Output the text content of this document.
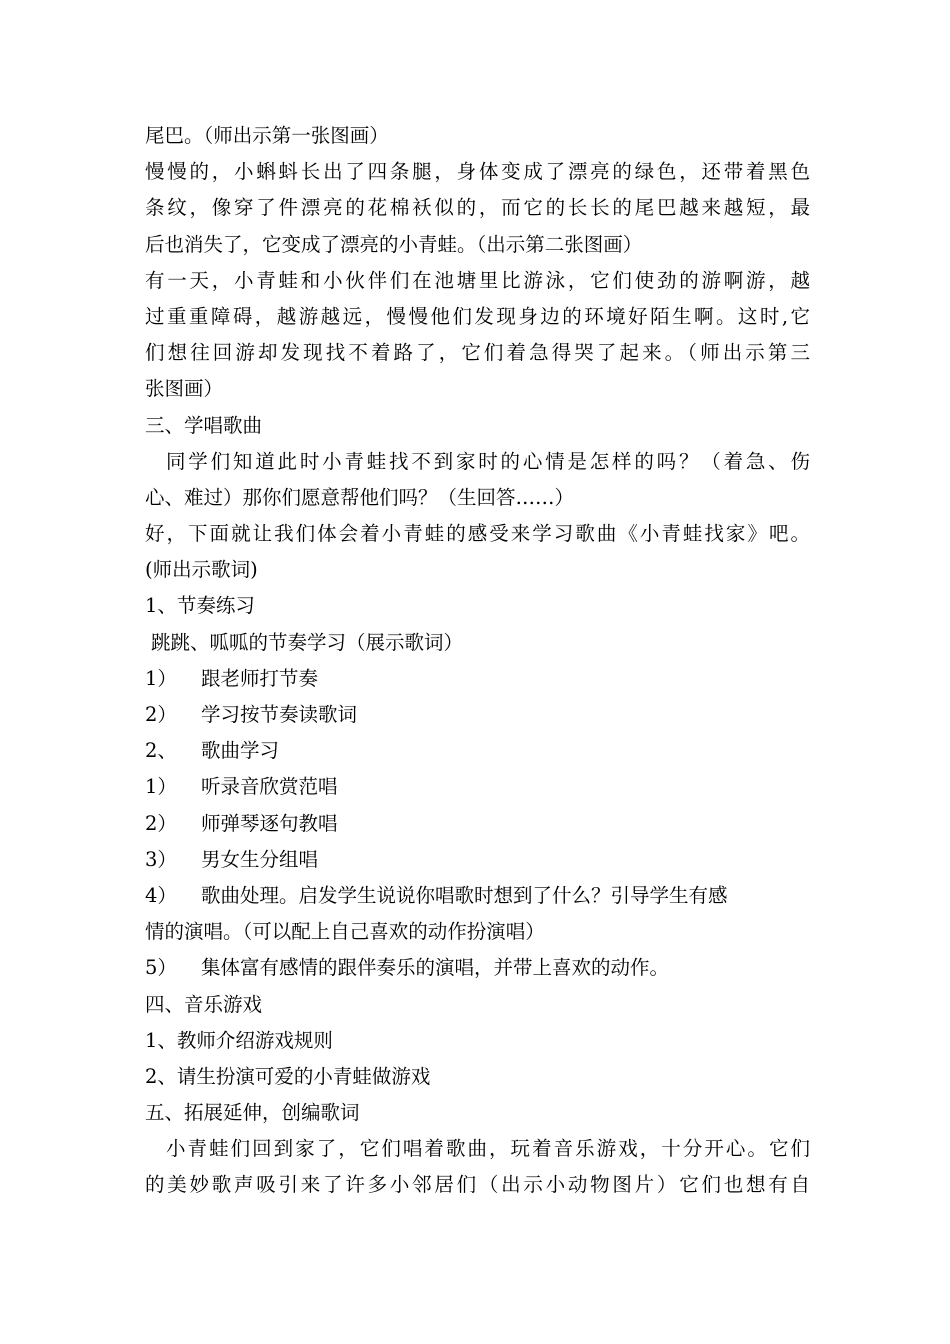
尾巴。（师出示第一张图画）
慢慢的，小蝌蚪长出了四条腿，身体变成了漂亮的绿色，还带着黑色
条纹，像穿了件漂亮的花棉袄似的，而它的长长的尾巴越来越短，最
后也消失了，它变成了漂亮的小青蛙。（出示第二张图画）
有一天，小青蛙和小伙伴们在池塘里比游泳，它们使劲的游啊游，越
过重重障碍，越游越远，慢慢他们发现身边的环境好陌生啊。这时,它
们想往回游却发现找不着路了，它们着急得哭了起来。（师出示第三
张图画）
三、学唱歌曲
同学们知道此时小青蛙找不到家时的心情是怎样的吗？（着急、伤
心、难过）那你们愿意帮他们吗？（生回答……）
好，下面就让我们体会着小青蛙的感受来学习歌曲《小青蛙找家》吧。
(师出示歌词)
1、节奏练习
跳跳、呱呱的节奏学习（展示歌词）
1） 跟老师打节奏
2） 学习按节奏读歌词
2、 歌曲学习
1） 听录音欣赏范唱
2） 师弹琴逐句教唱
3） 男女生分组唱
4） 歌曲处理。启发学生说说你唱歌时想到了什么？引导学生有感
情的演唱。（可以配上自己喜欢的动作扮演唱）
5） 集体富有感情的跟伴奏乐的演唱，并带上喜欢的动作。
四、音乐游戏
1、教师介绍游戏规则
2、请生扮演可爱的小青蛙做游戏
五、拓展延伸，创编歌词
小青蛙们回到家了，它们唱着歌曲，玩着音乐游戏，十分开心。它们
的美妙歌声吸引来了许多小邻居们（出示小动物图片）它们也想有自
